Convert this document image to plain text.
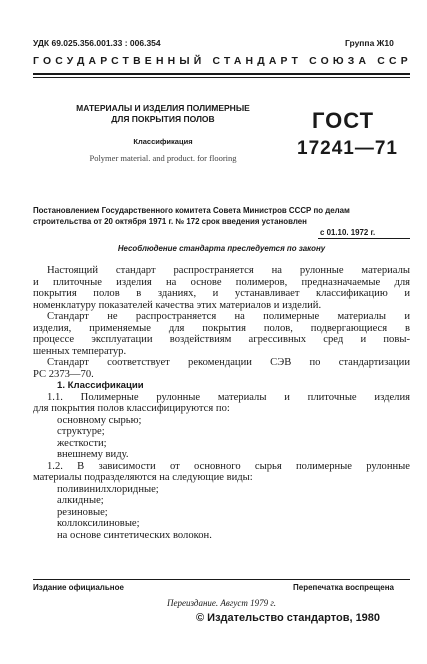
УДК 69.025.356.001.33 : 006.354	Группа Ж10
ГОСУДАРСТВЕННЫЙ СТАНДАРТ СОЮЗА ССР
МАТЕРИАЛЫ И ИЗДЕЛИЯ ПОЛИМЕРНЫЕ
ДЛЯ ПОКРЫТИЯ ПОЛОВ
Классификация
Polymer material. and product. for flooring
ГОСТ
17241—71
Постановлением Государственного комитета Совета Министров СССР по делам
строительства от 20 октября 1971 г. № 172 срок введения установлен
с 01.10. 1972 г.
Несоблюдение стандарта преследуется по закону
Настоящий стандарт распространяется на рулонные материалы
и плиточные изделия на основе полимеров, предназначаемые для
покрытия полов в зданиях, и устанавливает классификацию и
номенклатуру показателей качества этих материалов и изделий.
Стандарт не распространяется на полимерные материалы и
изделия, применяемые для покрытия полов, подвергающиеся в
процессе эксплуатации воздействиям агрессивных сред и повы-
шенных температур.
Стандарт соответствует рекомендации СЭВ по стандартизации
РС 2373—70.
1. Классификации
1.1. Полимерные рулонные материалы и плиточные изделия
для покрытия полов классифицируются по:
основному сырью;
структуре;
жесткости;
внешнему виду.
1.2. В зависимости от основного сырья полимерные рулонные
материалы подразделяются на следующие виды:
поливинилхлоридные;
алкидные;
резиновые;
коллоксилиновые;
на основе синтетических волокон.
Издание официальное	Перепечатка воспрещена
Переиздание. Август 1979 г.
© Издательство стандартов, 1980
